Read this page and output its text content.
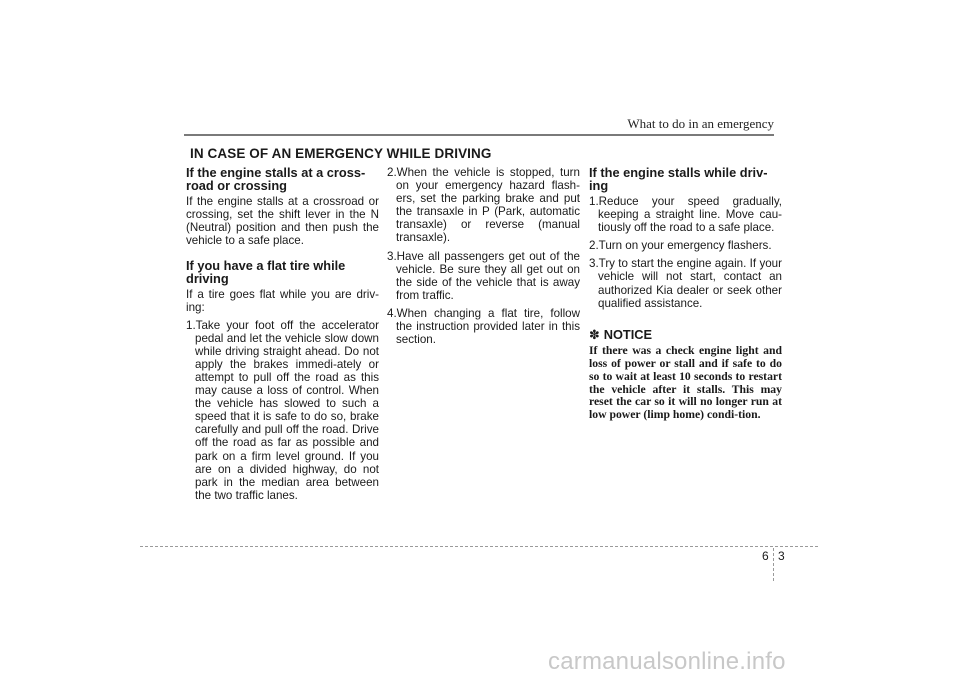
What to do in an emergency
IN CASE OF AN EMERGENCY WHILE DRIVING
If the engine stalls at a cross-road or crossing

If the engine stalls at a crossroad or crossing, set the shift lever in the N (Neutral) position and then push the vehicle to a safe place.

If you have a flat tire while driving

If a tire goes flat while you are driv-ing:

1.Take your foot off the accelerator pedal and let the vehicle slow down while driving straight ahead. Do not apply the brakes immedi-ately or attempt to pull off the road as this may cause a loss of control. When the vehicle has slowed to such a speed that it is safe to do so, brake carefully and pull off the road. Drive off the road as far as possible and park on a firm level ground. If you are on a divided highway, do not park in the median area between the two traffic lanes.
2.When the vehicle is stopped, turn on your emergency hazard flash-ers, set the parking brake and put the transaxle in P (Park, automatic transaxle) or reverse (manual transaxle).
3.Have all passengers get out of the vehicle. Be sure they all get out on the side of the vehicle that is away from traffic.
4.When changing a flat tire, follow the instruction provided later in this section.
If the engine stalls while driv-ing
1.Reduce your speed gradually, keeping a straight line. Move cau-tiously off the road to a safe place.
2.Turn on your emergency flashers.
3.Try to start the engine again. If your vehicle will not start, contact an authorized Kia dealer or seek other qualified assistance.
✽ NOTICE

If there was a check engine light and loss of power or stall and if safe to do so to wait at least 10 seconds to restart the vehicle after it stalls. This may reset the car so it will no longer run at low power (limp home) condi-tion.

6 3
carmanualsonline.info
